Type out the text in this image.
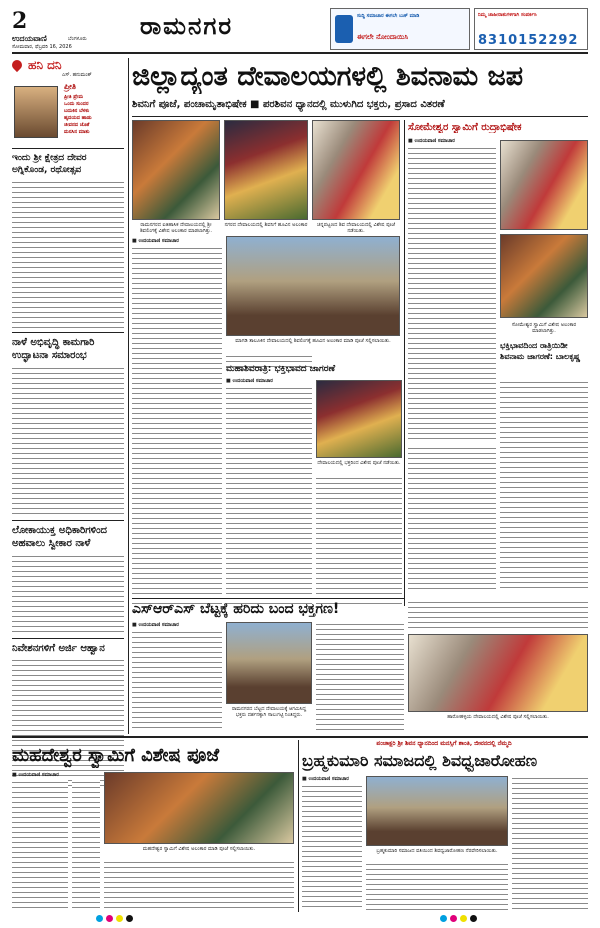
2
ಉದಯವಾಣಿ	ಬೆಂಗಳೂರು
ಸೋಮವಾರ, ಫೆಬ್ರವರಿ 16, 2026
ರಾಮನಗರ	ಸುದ್ದಿ ಸಮಾಚಾರ ಈಗಲೇ ಬುಕ್ ಮಾಡಿ
ಈಗಲೇ ನೋಂದಾಯಿಸಿ
ನಿಮ್ಮ ಜಾಹೀರಾತುಗಳಿಗಾಗಿ ಸಂಪರ್ಕಿಸಿ
8310152292
ಹನಿ ದನಿ
ಎಸ್. ಹನುಮಂತ್
ಪ್ರೀತಿ
ಪ್ರೀತಿ ಪ್ರೇಮ
ಒಂದು ಸುಂದರ
ಬದುಕಿನ ಬೆಳಕು
ಹೃದಯದ ಹಾಡು
ಜೀವನದ ಜೊತೆ
ಮನಸಿನ ಮಾತು
ಇಂದು ಶ್ರೀ ಕ್ಷೇತ್ರದ ದೇವರ ಅಗ್ನಿಕೊಂಡ, ರಥೋತ್ಸವ
ನಾಳೆ ಅಭಿವೃದ್ಧಿ ಕಾಮಗಾರಿ ಉದ್ಘಾಟನಾ ಸಮಾರಂಭ
ಲೋಕಾಯುಕ್ತ ಅಧಿಕಾರಿಗಳಿಂದ ಅಹವಾಲು ಸ್ವೀಕಾರ ನಾಳೆ
ನಿವೇಶನಗಳಿಗೆ ಅರ್ಜಿ ಆಹ್ವಾನ
ಜಿಲ್ಲಾದ್ಯಂತ ದೇವಾಲಯಗಳಲ್ಲಿ ಶಿವನಾಮ ಜಪ
ಶಿವನಿಗೆ ಪೂಜೆ, ಪಂಚಾಮೃತಾಭಿಷೇಕ ■ ಪರಶಿವನ ಧ್ಯಾನದಲ್ಲಿ ಮುಳುಗಿದ ಭಕ್ತರು, ಪ್ರಸಾದ ವಿತರಣೆ
ರಾಮನಗರದ ಐತಿಹಾಸಿಕ ದೇವಾಲಯದಲ್ಲಿ ಶ್ರೀ ಶಿವಲಿಂಗಕ್ಕೆ ವಿಶೇಷ ಅಲಂಕಾರ ಮಾಡಲಾಗಿತ್ತು.
ನಗರದ ದೇವಾಲಯದಲ್ಲಿ ಶಿವನಿಗೆ ಹೂವಿನ ಅಲಂಕಾರ	ಚನ್ನಪಟ್ಟಣದ ಶಿವ ದೇವಾಲಯದಲ್ಲಿ ವಿಶೇಷ ಪೂಜೆ ನಡೆಯಿತು.
■ ಉದಯವಾಣಿ ಸಮಾಚಾರ
ಮಾಗಡಿ ತಾಲೂಕಿನ ದೇವಾಲಯದಲ್ಲಿ ಶಿವಲಿಂಗಕ್ಕೆ ಹೂವಿನ ಅಲಂಕಾರ ಮಾಡಿ ಪೂಜೆ ಸಲ್ಲಿಸಲಾಯಿತು.
ಮಹಾಶಿವರಾತ್ರಿ: ಭಕ್ತಿಭಾವದ ಜಾಗರಣೆ
■ ಉದಯವಾಣಿ ಸಮಾಚಾರ
ದೇವಾಲಯದಲ್ಲಿ ಭಕ್ತರಿಂದ ವಿಶೇಷ ಪೂಜೆ ನಡೆಯಿತು.
ಸೋಮೇಶ್ವರ ಸ್ವಾಮಿಗೆ ರುದ್ರಾಭಿಷೇಕ
■ ಉದಯವಾಣಿ ಸಮಾಚಾರ
ಸೋಮೇಶ್ವರ ಸ್ವಾಮಿಗೆ ವಿಶೇಷ ಅಲಂಕಾರ ಮಾಡಲಾಗಿತ್ತು.
ಭಕ್ತಿಭಾವದಿಂದ ರಾತ್ರಿಯಿಡೀ ಶಿವನಾಮ ಜಾಗರಣೆ: ಬಾಲಕೃಷ್ಣ
ಎಸ್‌ಆರ್‌ಎಸ್ ಬೆಟ್ಟಕ್ಕೆ ಹರಿದು ಬಂದ ಭಕ್ತಗಣ!
■ ಉದಯವಾಣಿ ಸಮಾಚಾರ
ರಾಮನಗರದ ಬೆಟ್ಟದ ದೇವಾಲಯಕ್ಕೆ ಆಗಮಿಸಿದ್ದ ಭಕ್ತರು ದರ್ಶನಕ್ಕಾಗಿ ಸಾಲುಗಟ್ಟಿ ನಿಂತಿದ್ದರು.	ಹಾರೋಹಳ್ಳಿಯ ದೇವಾಲಯದಲ್ಲಿ ವಿಶೇಷ ಪೂಜೆ ಸಲ್ಲಿಸಲಾಯಿತು.
ಪಂಚಾಕ್ಷರಿ ಶ್ರೀ ಶಿವನ ಧ್ಯಾನದಿಂದ ಮನಸ್ಸಿಗೆ ಶಾಂತಿ, ಜೀವನದಲ್ಲಿ ನೆಮ್ಮದಿ
ಮಹದೇಶ್ವರ ಸ್ವಾಮಿಗೆ ವಿಶೇಷ ಪೂಜೆ
■ ಉದಯವಾಣಿ ಸಮಾಚಾರ
ಮಹದೇಶ್ವರ ಸ್ವಾಮಿಗೆ ವಿಶೇಷ ಅಲಂಕಾರ ಮಾಡಿ ಪೂಜೆ ಸಲ್ಲಿಸಲಾಯಿತು.
ಬ್ರಹ್ಮಕುಮಾರಿ ಸಮಾಜದಲ್ಲಿ ಶಿವಧ್ವಜಾರೋಹಣ
■ ಉದಯವಾಣಿ ಸಮಾಚಾರ
ಬ್ರಹ್ಮಕುಮಾರಿ ಸಮಾಜದ ವತಿಯಿಂದ ಶಿವಧ್ವಜಾರೋಹಣ ನೆರವೇರಿಸಲಾಯಿತು.
